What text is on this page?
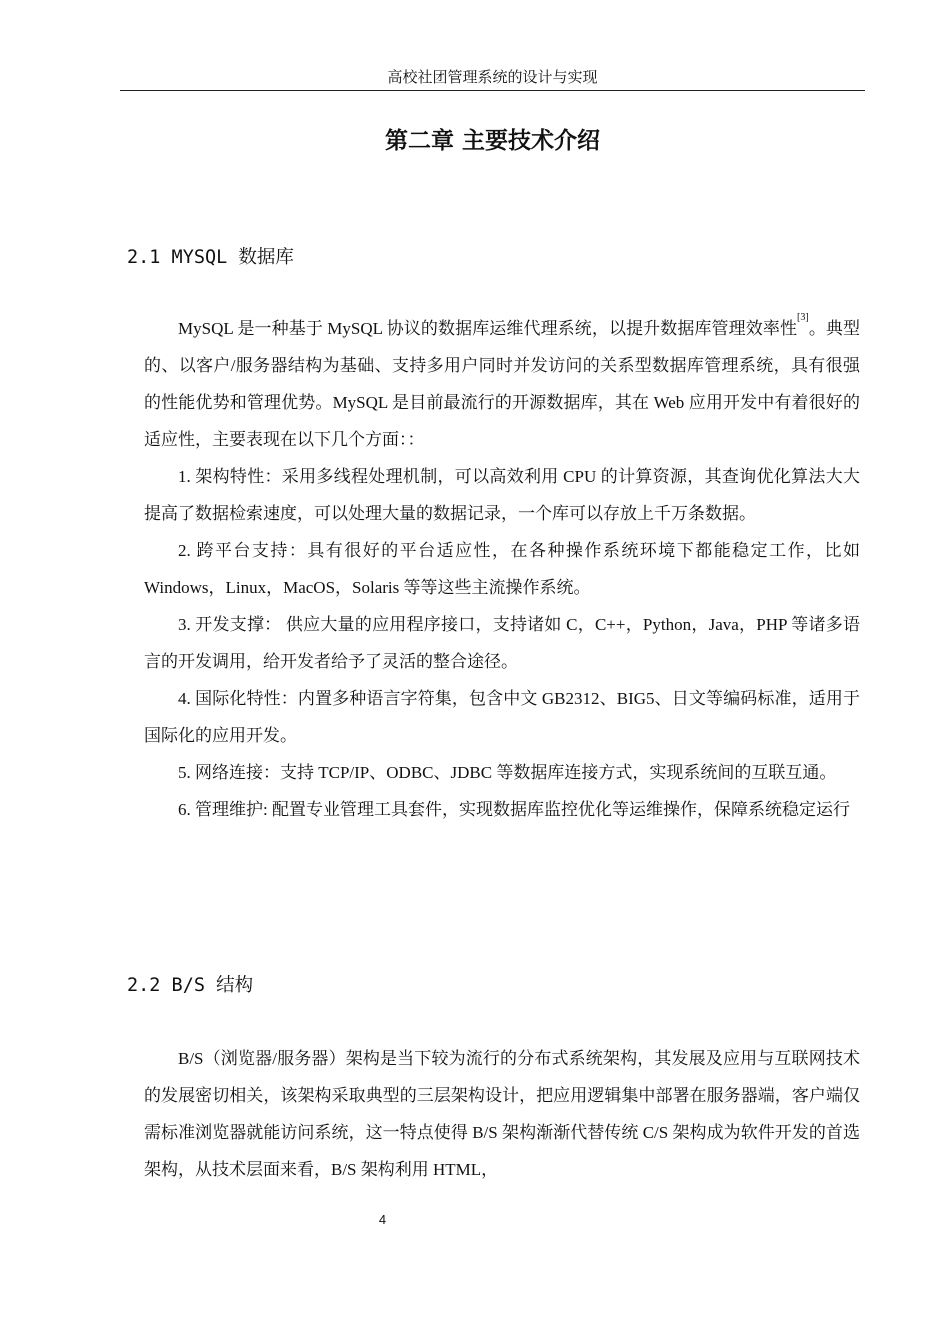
高校社团管理系统的设计与实现
第二章 主要技术介绍
2.1 MYSQL 数据库

MySQL 是一种基于 MySQL 协议的数据库运维代理系统，以提升数据库管理效率性[3]。典型的、以客户/服务器结构为基础、支持多用户同时并发访问的关系型数据库管理系统，具有很强的性能优势和管理优势。MySQL 是目前最流行的开源数据库，其在 Web 应用开发中有着很好的适应性，主要表现在以下几个方面：：

1. 架构特性：采用多线程处理机制，可以高效利用 CPU 的计算资源，其查询优化算法大大提高了数据检索速度，可以处理大量的数据记录，一个库可以存放上千万条数据。

2. 跨平台支持：具有很好的平台适应性，在各种操作系统环境下都能稳定工作，比如 Windows，Linux，MacOS，Solaris 等等这些主流操作系统。

3. 开发支撑： 供应大量的应用程序接口，支持诸如 C，C++，Python，Java，PHP 等诸多语言的开发调用，给开发者给予了灵活的整合途径。

4. 国际化特性：内置多种语言字符集，包含中文 GB2312、BIG5、日文等编码标准，适用于国际化的应用开发。

5. 网络连接：支持 TCP/IP、ODBC、JDBC 等数据库连接方式，实现系统间的互联互通。

6. 管理维护: 配置专业管理工具套件，实现数据库监控优化等运维操作，保障系统稳定运行

2.2 B/S 结构

B/S（浏览器/服务器）架构是当下较为流行的分布式系统架构，其发展及应用与互联网技术的发展密切相关，该架构采取典型的三层架构设计，把应用逻辑集中部署在服务器端，客户端仅需标准浏览器就能访问系统，这一特点使得 B/S 架构渐渐代替传统 C/S 架构成为软件开发的首选架构，从技术层面来看，B/S 架构利用 HTML，

4
